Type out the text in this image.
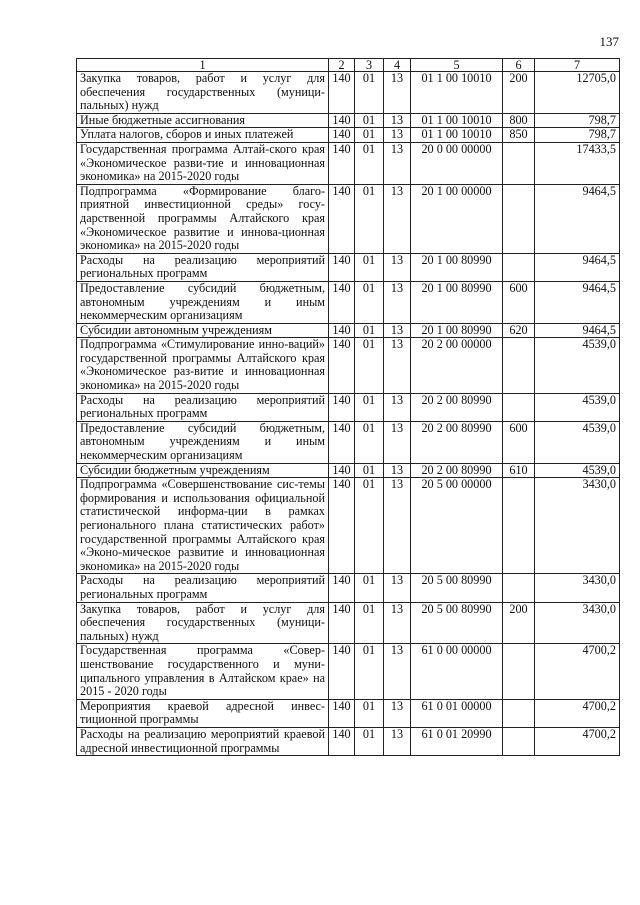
137
1	2	3	4	5	6	7
Закупка товаров, работ и услуг для обеспечения государственных (муници-пальных) нужд	140	01	13	01 1 00 10010	200	12705,0
Иные бюджетные ассигнования	140	01	13	01 1 00 10010	800	798,7
Уплата налогов, сборов и иных платежей	140	01	13	01 1 00 10010	850	798,7
Государственная программа Алтай-ского края «Экономическое разви-тие и инновационная экономика» на 2015-2020 годы	140	01	13	20 0 00 00000		17433,5
Подпрограмма «Формирование благо-приятной инвестиционной среды» госу-дарственной программы Алтайского края «Экономическое развитие и иннова-ционная экономика» на 2015-2020 годы	140	01	13	20 1 00 00000		9464,5
Расходы на реализацию мероприятий региональных программ	140	01	13	20 1 00 80990		9464,5
Предоставление субсидий бюджетным, автономным учреждениям и иным некоммерческим организациям	140	01	13	20 1 00 80990	600	9464,5
Субсидии автономным учреждениям	140	01	13	20 1 00 80990	620	9464,5
Подпрограмма «Стимулирование инно-ваций» государственной программы Алтайского края «Экономическое раз-витие и инновационная экономика» на 2015-2020 годы	140	01	13	20 2 00 00000		4539,0
Расходы на реализацию мероприятий региональных программ	140	01	13	20 2 00 80990		4539,0
Предоставление субсидий бюджетным, автономным учреждениям и иным некоммерческим организациям	140	01	13	20 2 00 80990	600	4539,0
Субсидии бюджетным учреждениям	140	01	13	20 2 00 80990	610	4539,0
Подпрограмма «Совершенствование сис-темы формирования и использования официальной статистической информа-ции в рамках регионального плана статистических работ» государственной программы Алтайского края «Эконо-мическое развитие и инновационная экономика» на 2015-2020 годы	140	01	13	20 5 00 00000		3430,0
Расходы на реализацию мероприятий региональных программ	140	01	13	20 5 00 80990		3430,0
Закупка товаров, работ и услуг для обеспечения государственных (муници-пальных) нужд	140	01	13	20 5 00 80990	200	3430,0
Государственная программа «Совер-шенствование государственного и муни-ципального управления в Алтайском крае» на 2015 - 2020 годы	140	01	13	61 0 00 00000		4700,2
Мероприятия краевой адресной инвес-тиционной программы	140	01	13	61 0 01 00000		4700,2
Расходы на реализацию мероприятий краевой адресной инвестиционной программы	140	01	13	61 0 01 20990		4700,2
